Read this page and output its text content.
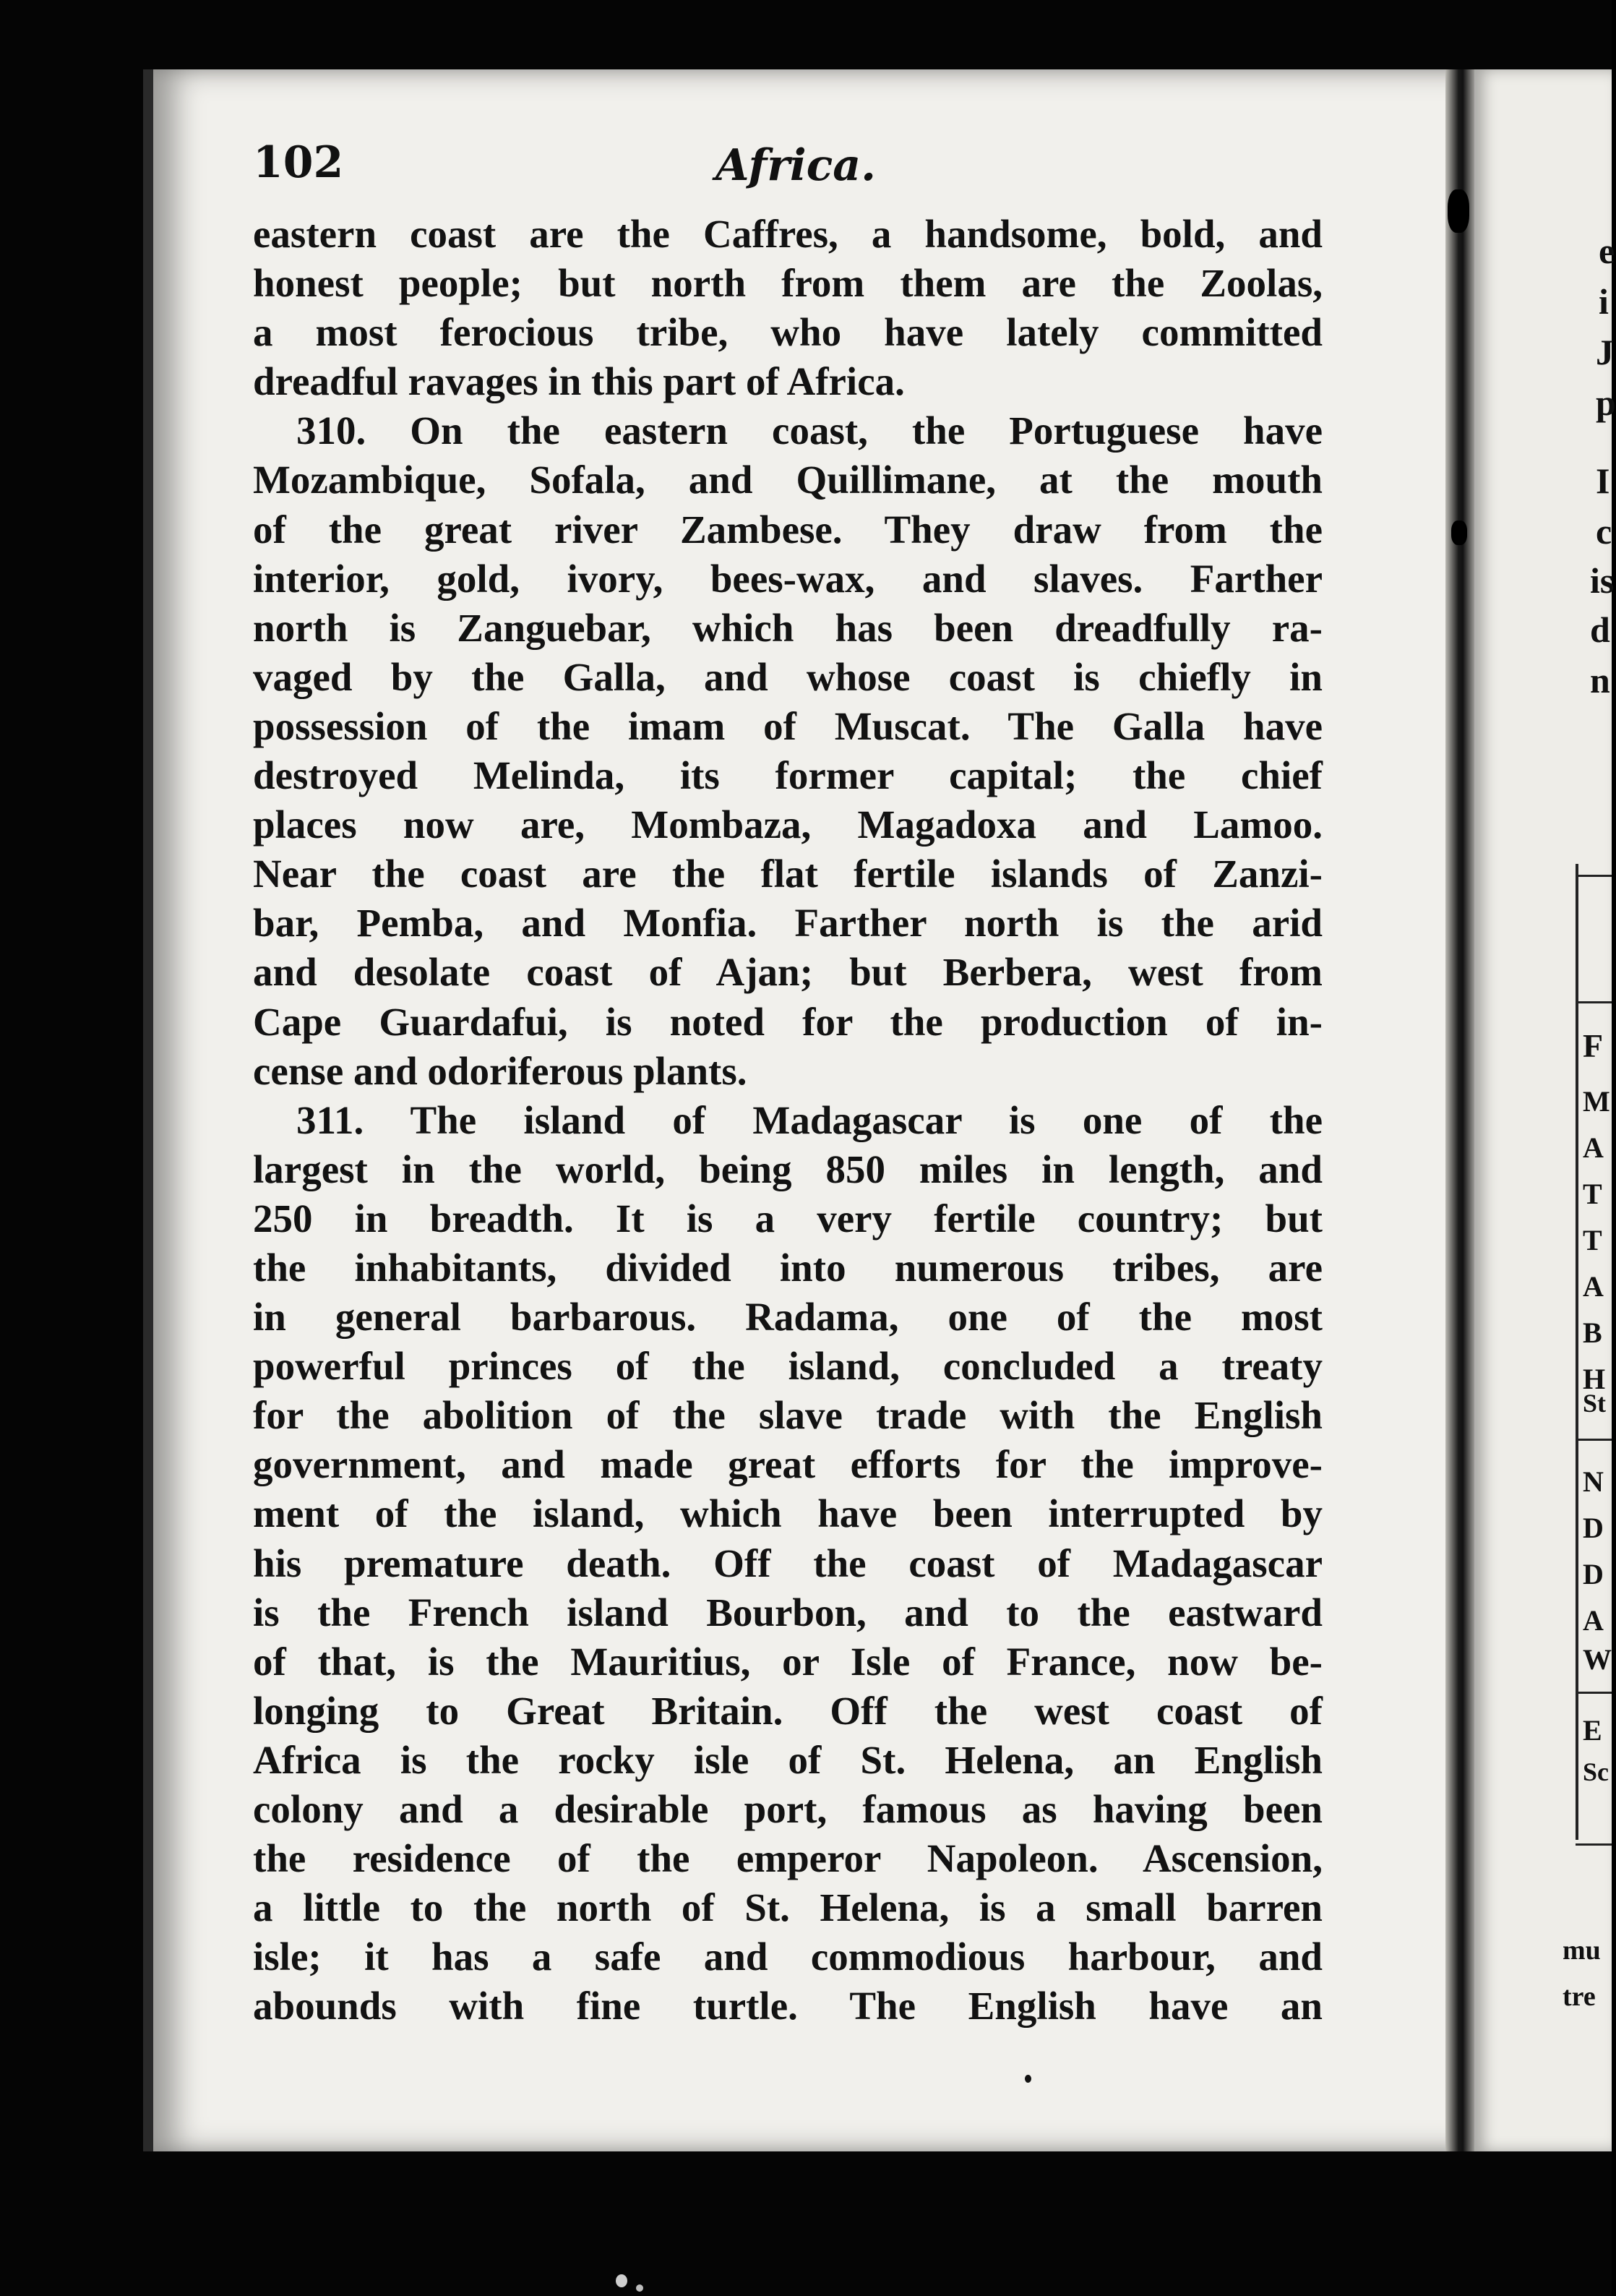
102	Africa.
eastern coast are the Caffres, a handsome, bold, and
honest people; but north from them are the Zoolas,
a most ferocious tribe, who have lately committed
dreadful ravages in this part of Africa.
310. On the eastern coast, the Portuguese have
Mozambique, Sofala, and Quillimane, at the mouth
of the great river Zambese. They draw from the
interior, gold, ivory, bees-wax, and slaves. Farther
north is Zanguebar, which has been dreadfully ra-
vaged by the Galla, and whose coast is chiefly in
possession of the imam of Muscat. The Galla have
destroyed Melinda, its former capital; the chief
places now are, Mombaza, Magadoxa and Lamoo.
Near the coast are the flat fertile islands of Zanzi-
bar, Pemba, and Monfia. Farther north is the arid
and desolate coast of Ajan; but Berbera, west from
Cape Guardafui, is noted for the production of in-
cense and odoriferous plants.
311. The island of Madagascar is one of the
largest in the world, being 850 miles in length, and
250 in breadth. It is a very fertile country; but
the inhabitants, divided into numerous tribes, are
in general barbarous. Radama, one of the most
powerful princes of the island, concluded a treaty
for the abolition of the slave trade with the English
government, and made great efforts for the improve-
ment of the island, which have been interrupted by
his premature death. Off the coast of Madagascar
is the French island Bourbon, and to the eastward
of that, is the Mauritius, or Isle of France, now be-
longing to Great Britain. Off the west coast of
Africa is the rocky isle of St. Helena, an English
colony and a desirable port, famous as having been
the residence of the emperor Napoleon. Ascension,
a little to the north of St. Helena, is a small barren
isle; it has a safe and commodious harbour, and
abounds with fine turtle. The English have an
e
i
J
p
I
c
is
d
n
F
M
A
T
T
A
B
H
St
N
D
D
A
W
E
Sc
mu
tre
